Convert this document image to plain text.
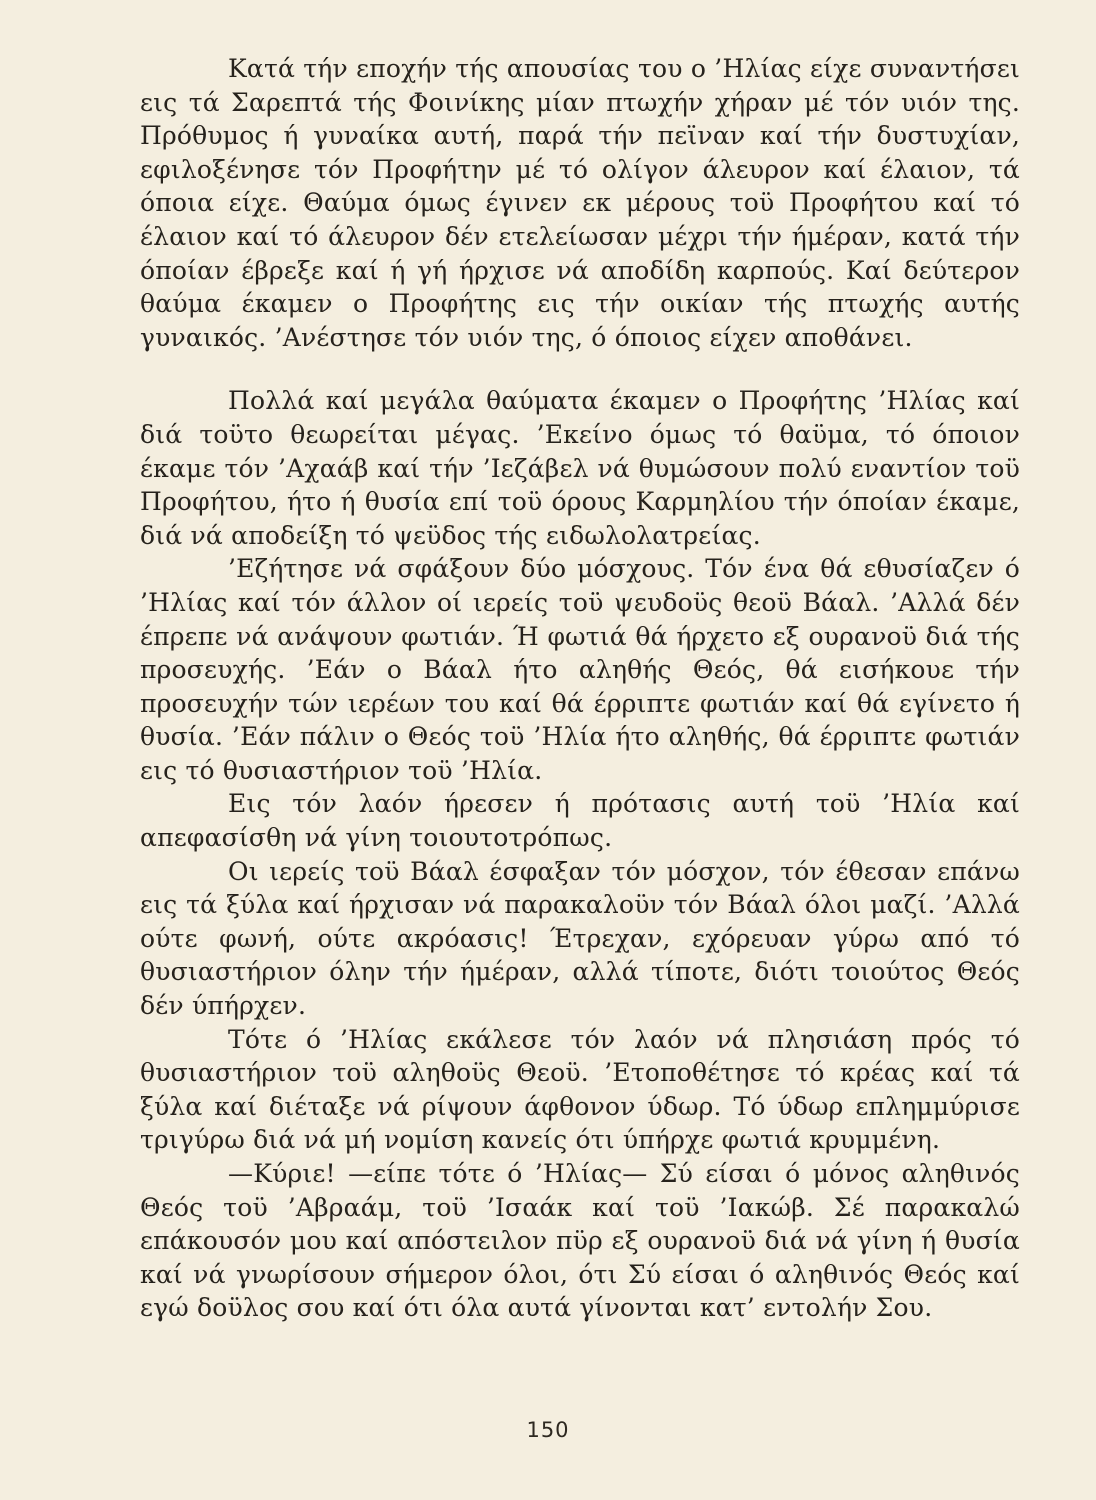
Κατά τήν εποχήν τής απουσίας του ο ’Ηλίας είχε συναντήσει εις τά Σαρεπτά τής Φοινίκης μίαν πτωχήν χήραν μέ τόν υιόν της. Πρόθυμος ή γυναίκα αυτή, παρά τήν πεϊναν καί τήν δυστυχίαν, εφιλοξένησε τόν Προφήτην μέ τό ολίγον άλευρον καί έλαιον, τά όποια είχε. Θαύμα όμως έγινεν εκ μέρους τοϋ Προφήτου καί τό έλαιον καί τό άλευρον δέν ετελείωσαν μέχρι τήν ήμέραν, κατά τήν όποίαν έβρεξε καί ή γή ήρχισε νά αποδίδη καρπούς. Καί δεύτερον θαύμα έκαμεν ο Προφήτης εις τήν οικίαν τής πτωχής αυτής γυναικός. ’Ανέστησε τόν υιόν της, ό όποιος είχεν αποθάνει.

Πολλά καί μεγάλα θαύματα έκαμεν ο Προφήτης ’Ηλίας καί διά τοϋτο θεωρείται μέγας. ’Εκείνο όμως τό θαϋμα, τό όποιον έκαμε τόν ’Αχαάβ καί τήν ’Ιεζάβελ νά θυμώσουν πολύ εναντίον τοϋ Προφήτου, ήτο ή θυσία επί τοϋ όρους Καρμηλίου τήν όποίαν έκαμε, διά νά αποδείξη τό ψεϋδος τής ειδωλολατρείας.

’Εζήτησε νά σφάξουν δύο μόσχους. Τόν ένα θά εθυσίαζεν ό ’Ηλίας καί τόν άλλον οί ιερείς τοϋ ψευδοϋς θεοϋ Βάαλ. ’Αλλά δέν έπρεπε νά ανάψουν φωτιάν. Ή φωτιά θά ήρχετο εξ ουρανοϋ διά τής προσευχής. ’Εάν ο Βάαλ ήτο αληθής Θεός, θά εισήκουε τήν προσευχήν τών ιερέων του καί θά έρριπτε φωτιάν καί θά εγίνετο ή θυσία. ’Εάν πάλιν ο Θεός τοϋ ’Ηλία ήτο αληθής, θά έρριπτε φωτιάν εις τό θυσιαστήριον τοϋ ’Ηλία.

Εις τόν λαόν ήρεσεν ή πρότασις αυτή τοϋ ’Ηλία καί απεφασίσθη νά γίνη τοιουτοτρόπως.

Οι ιερείς τοϋ Βάαλ έσφαξαν τόν μόσχον, τόν έθεσαν επάνω εις τά ξύλα καί ήρχισαν νά παρακαλοϋν τόν Βάαλ όλοι μαζί. ’Αλλά ούτε φωνή, ούτε ακρόασις! Έτρεχαν, εχόρευαν γύρω από τό θυσιαστήριον όλην τήν ήμέραν, αλλά τίποτε, διότι τοιούτος Θεός δέν ύπήρχεν.

Τότε ό ’Ηλίας εκάλεσε τόν λαόν νά πλησιάση πρός τό θυσιαστήριον τοϋ αληθοϋς Θεοϋ. ’Ετοποθέτησε τό κρέας καί τά ξύλα καί διέταξε νά ρίψουν άφθονον ύδωρ. Τό ύδωρ επλημμύρισε τριγύρω διά νά μή νομίση κανείς ότι ύπήρχε φωτιά κρυμμένη.

—Κύριε! —είπε τότε ό ’Ηλίας— Σύ είσαι ό μόνος αληθινός Θεός τοϋ ’Αβραάμ, τοϋ ’Ισαάκ καί τοϋ ’Ιακώβ. Σέ παρακαλώ επάκουσόν μου καί απόστειλον πϋρ εξ ουρανοϋ διά νά γίνη ή θυσία καί νά γνωρίσουν σήμερον όλοι, ότι Σύ είσαι ό αληθινός Θεός καί εγώ δοϋλος σου καί ότι όλα αυτά γίνονται κατ’ εντολήν Σου.

150
